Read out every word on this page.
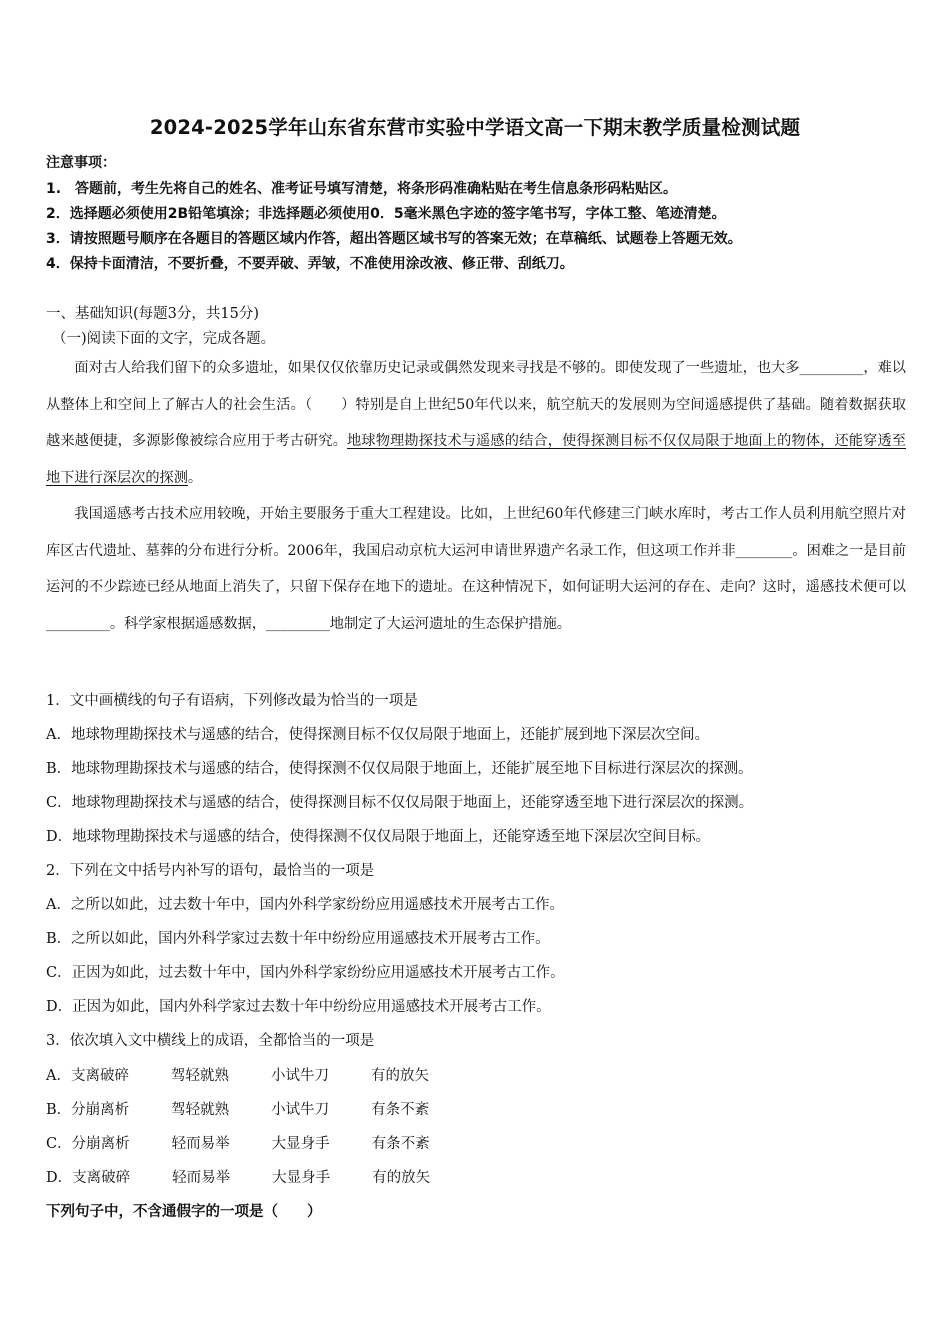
2024-2025学年山东省东营市实验中学语文高一下期末教学质量检测试题
注意事项：
1.　答题前，考生先将自己的姓名、准考证号填写清楚，将条形码准确粘贴在考生信息条形码粘贴区。
2．选择题必须使用2B铅笔填涂；非选择题必须使用0．5毫米黑色字迹的签字笔书写，字体工整、笔迹清楚。
3．请按照题号顺序在各题目的答题区域内作答，超出答题区域书写的答案无效；在草稿纸、试题卷上答题无效。
4．保持卡面清洁，不要折叠，不要弄破、弄皱，不准使用涂改液、修正带、刮纸刀。
一、基础知识(每题3分，共15分)
（一)阅读下面的文字，完成各题。
面对古人给我们留下的众多遗址，如果仅仅依靠历史记录或偶然发现来寻找是不够的。即使发现了一些遗址，也大多_________，难以从整体上和空间上了解古人的社会生活。（　　）特别是自上世纪50年代以来，航空航天的发展则为空间遥感提供了基础。随着数据获取越来越便捷，多源影像被综合应用于考古研究。地球物理勘探技术与遥感的结合，使得探测目标不仅仅局限于地面上的物体，还能穿透至地下进行深层次的探测。
我国遥感考古技术应用较晚，开始主要服务于重大工程建设。比如，上世纪60年代修建三门峡水库时，考古工作人员利用航空照片对库区古代遗址、墓葬的分布进行分析。2006年，我国启动京杭大运河申请世界遗产名录工作，但这项工作并非________。困难之一是目前运河的不少踪迹已经从地面上消失了，只留下保存在地下的遗址。在这种情况下，如何证明大运河的存在、走向？这时，遥感技术便可以_________。科学家根据遥感数据，_________地制定了大运河遗址的生态保护措施。
1．文中画横线的句子有语病，下列修改最为恰当的一项是
A．地球物理勘探技术与遥感的结合，使得探测目标不仅仅局限于地面上，还能扩展到地下深层次空间。
B．地球物理勘探技术与遥感的结合，使得探测不仅仅局限于地面上，还能扩展至地下目标进行深层次的探测。
C．地球物理勘探技术与遥感的结合，使得探测目标不仅仅局限于地面上，还能穿透至地下进行深层次的探测。
D．地球物理勘探技术与遥感的结合，使得探测不仅仅局限于地面上，还能穿透至地下深层次空间目标。
2．下列在文中括号内补写的语句，最恰当的一项是
A．之所以如此，过去数十年中，国内外科学家纷纷应用遥感技术开展考古工作。
B．之所以如此，国内外科学家过去数十年中纷纷应用遥感技术开展考古工作。
C．正因为如此，过去数十年中，国内外科学家纷纷应用遥感技术开展考古工作。
D．正因为如此，国内外科学家过去数十年中纷纷应用遥感技术开展考古工作。
3．依次填入文中横线上的成语，全都恰当的一项是
A．支离破碎	驾轻就熟	小试牛刀	有的放矢
B．分崩离析	驾轻就熟	小试牛刀	有条不紊
C．分崩离析	轻而易举	大显身手	有条不紊
D．支离破碎	轻而易举	大显身手	有的放矢
下列句子中，不含通假字的一项是（　　）
